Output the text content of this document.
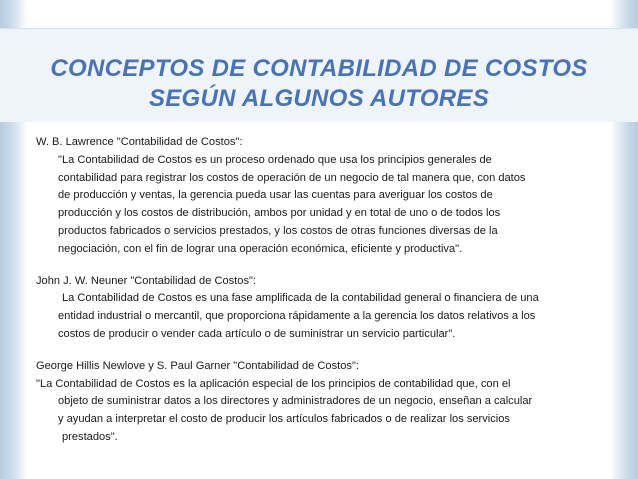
CONCEPTOS DE CONTABILIDAD DE COSTOS
SEGÚN ALGUNOS AUTORES
W. B. Lawrence "Contabilidad de Costos":
"La Contabilidad de Costos es un proceso ordenado que usa los principios generales de
contabilidad para registrar los costos de operación de un negocio de tal manera que, con datos
de producción y ventas, la gerencia pueda usar las cuentas para averiguar los costos de
producción y los costos de distribución, ambos por unidad y en total de uno o de todos los
productos fabricados o servicios prestados, y los costos de otras funciones diversas de la
negociación, con el fin de lograr una operación económica, eficiente y productiva".
John J. W. Neuner "Contabilidad de Costos":
La Contabilidad de Costos es una fase amplificada de la contabilidad general o financiera de una
entidad industrial o mercantil, que proporciona rápidamente a la gerencia los datos relativos a los
costos de producir o vender cada artículo o de suministrar un servicio particular".
George Hillis Newlove y S. Paul Garner "Contabilidad de Costos":
"La Contabilidad de Costos es la aplicación especial de los principios de contabilidad que, con el
objeto de suministrar datos a los directores y administradores de un negocio, enseñan a calcular
y ayudan a interpretar el costo de producir los artículos fabricados o de realizar los servicios
prestados".
